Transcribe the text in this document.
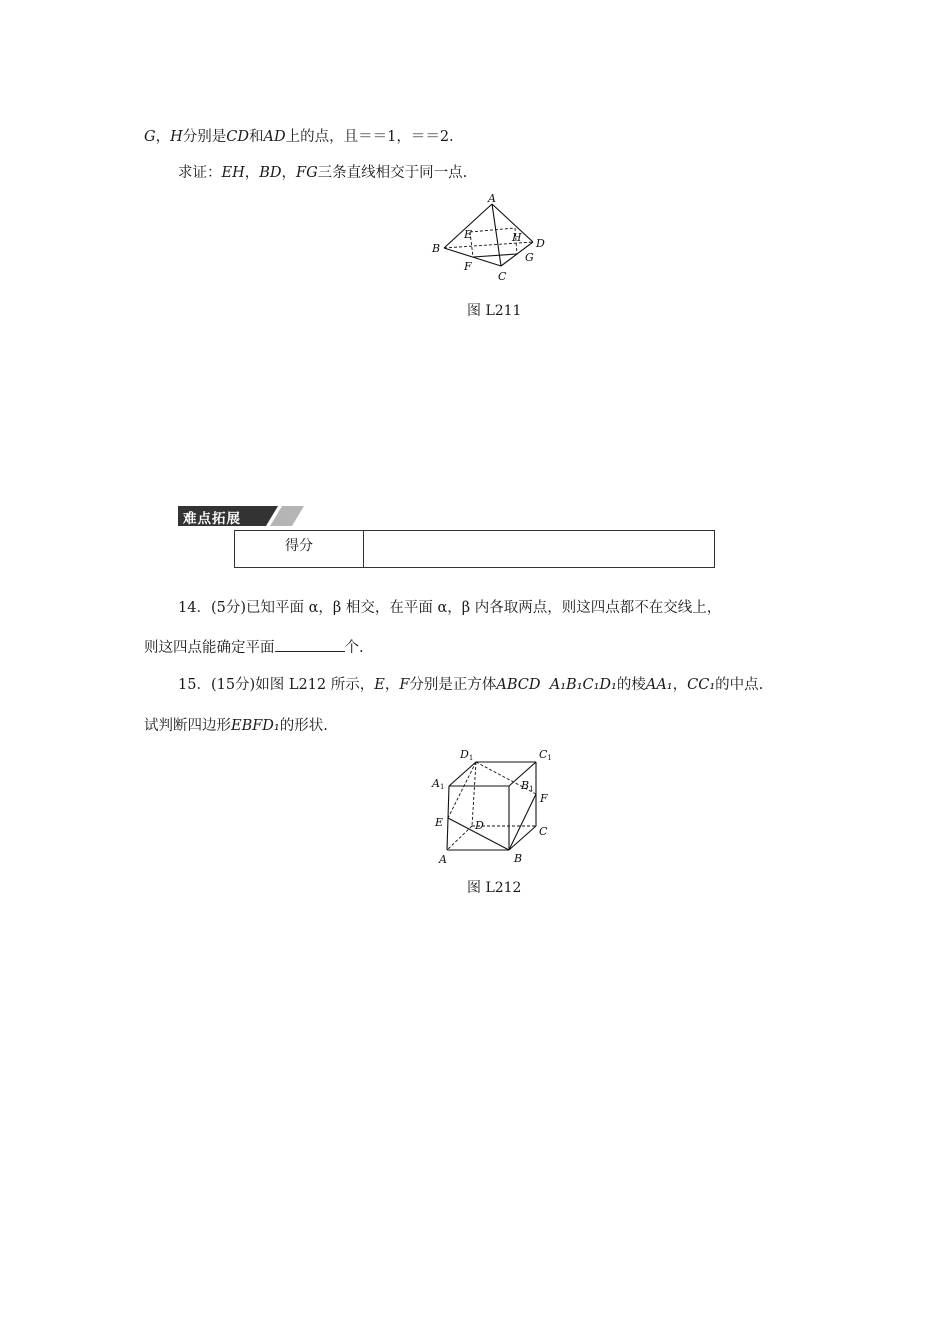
G，H分别是CD和AD上的点，且＝＝1，＝＝2.
求证：EH，BD，FG三条直线相交于同一点.
A
B
C
D
E	H
F
G
图 L211
难点拓展
得分	
14．(5分)已知平面 α，β 相交，在平面 α，β 内各取两点，则这四点都不在交线上，
则这四点能确定平面	个.
15．(15分)如图 L212 所示，E，F分别是正方体ABCD A₁B₁C₁D₁的棱AA₁，CC₁的中点.
试判断四边形EBFD₁的形状.
D1	C1
A1	B1
F
E	D	C
A	B
图 L212
